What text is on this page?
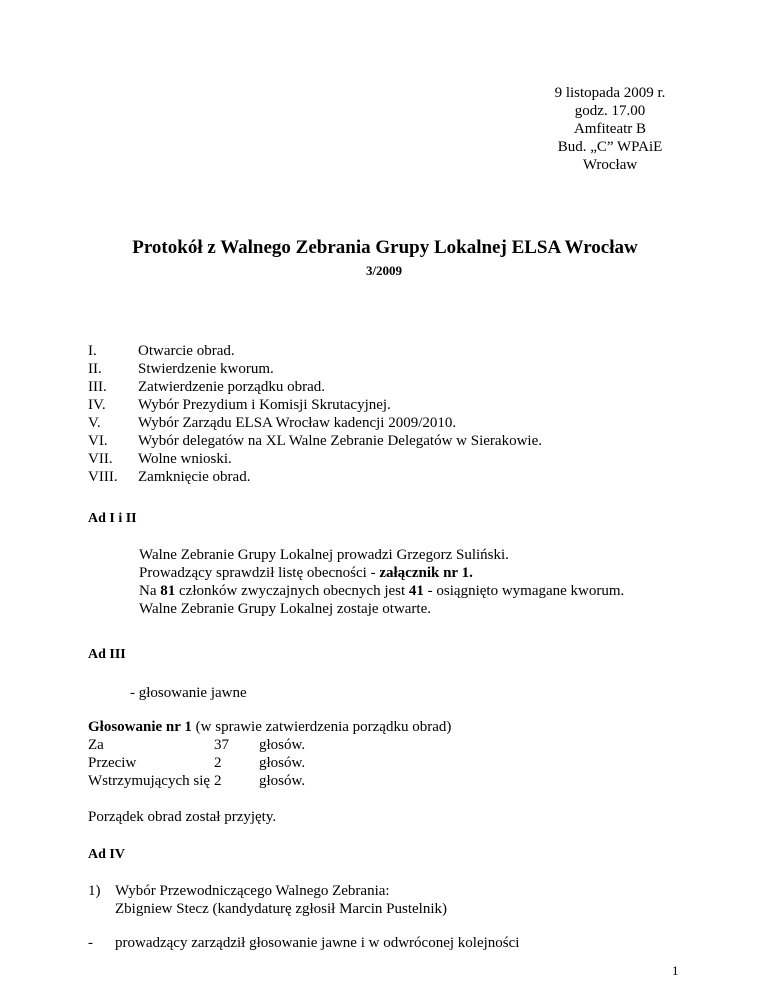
9 listopada 2009 r.
godz. 17.00
Amfiteatr B
Bud. „C” WPAiE
Wrocław
Protokół z Walnego Zebrania Grupy Lokalnej ELSA Wrocław
3/2009
I.	Otwarcie obrad.
II. Stwierdzenie kworum.
III. Zatwierdzenie porządku obrad.
IV. Wybór Prezydium i Komisji Skrutacyjnej.
V. Wybór Zarządu ELSA Wrocław kadencji 2009/2010.
VI. Wybór delegatów na XL Walne Zebranie Delegatów w Sierakowie.
VII. Wolne wnioski.
VIII. Zamknięcie obrad.
Ad I i II
Walne Zebranie Grupy Lokalnej prowadzi Grzegorz Suliński.
Prowadzący sprawdził listę obecności - załącznik nr 1.
Na 81 członków zwyczajnych obecnych jest 41 - osiągnięto wymagane kworum.
Walne Zebranie Grupy Lokalnej zostaje otwarte.
Ad III
- głosowanie jawne
Głosowanie nr 1 (w sprawie zatwierdzenia porządku obrad)
Za	37 głosów.
Przeciw	2	głosów.
Wstrzymujących się 2	głosów.
Porządek obrad został przyjęty.
Ad IV
1) Wybór Przewodniczącego Walnego Zebrania:
Zbigniew Stecz (kandydaturę zgłosił Marcin Pustelnik)
- prowadzący zarządził głosowanie jawne i w odwróconej kolejności
1
